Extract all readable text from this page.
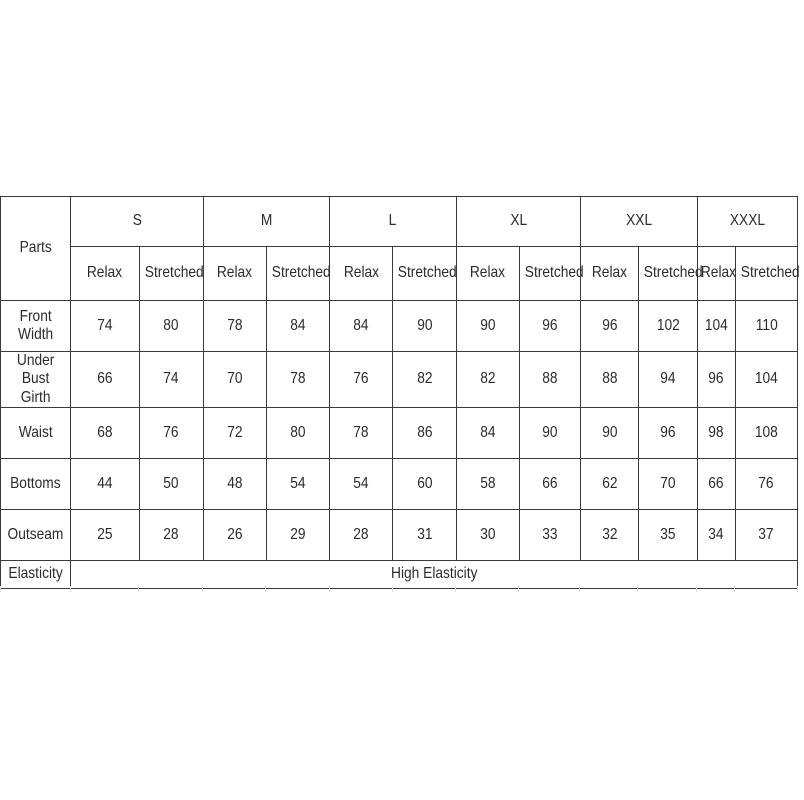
Parts	S		M		L		XL		XXL		XXXL	
	Relax	Stretched	Relax	Stretched	Relax	Stretched	Relax	Stretched	Relax	Stretched	Relax	Stretched
Front Width	74	80	78	84	84	90	90	96	96	102	104	110
Under Bust Girth	66	74	70	78	76	82	82	88	88	94	96	104
Waist	68	76	72	80	78	86	84	90	90	96	98	108
Bottoms	44	50	48	54	54	60	58	66	62	70	66	76
Outseam	25	28	26	29	28	31	30	33	32	35	34	37
Elasticity	High Elasticity											
